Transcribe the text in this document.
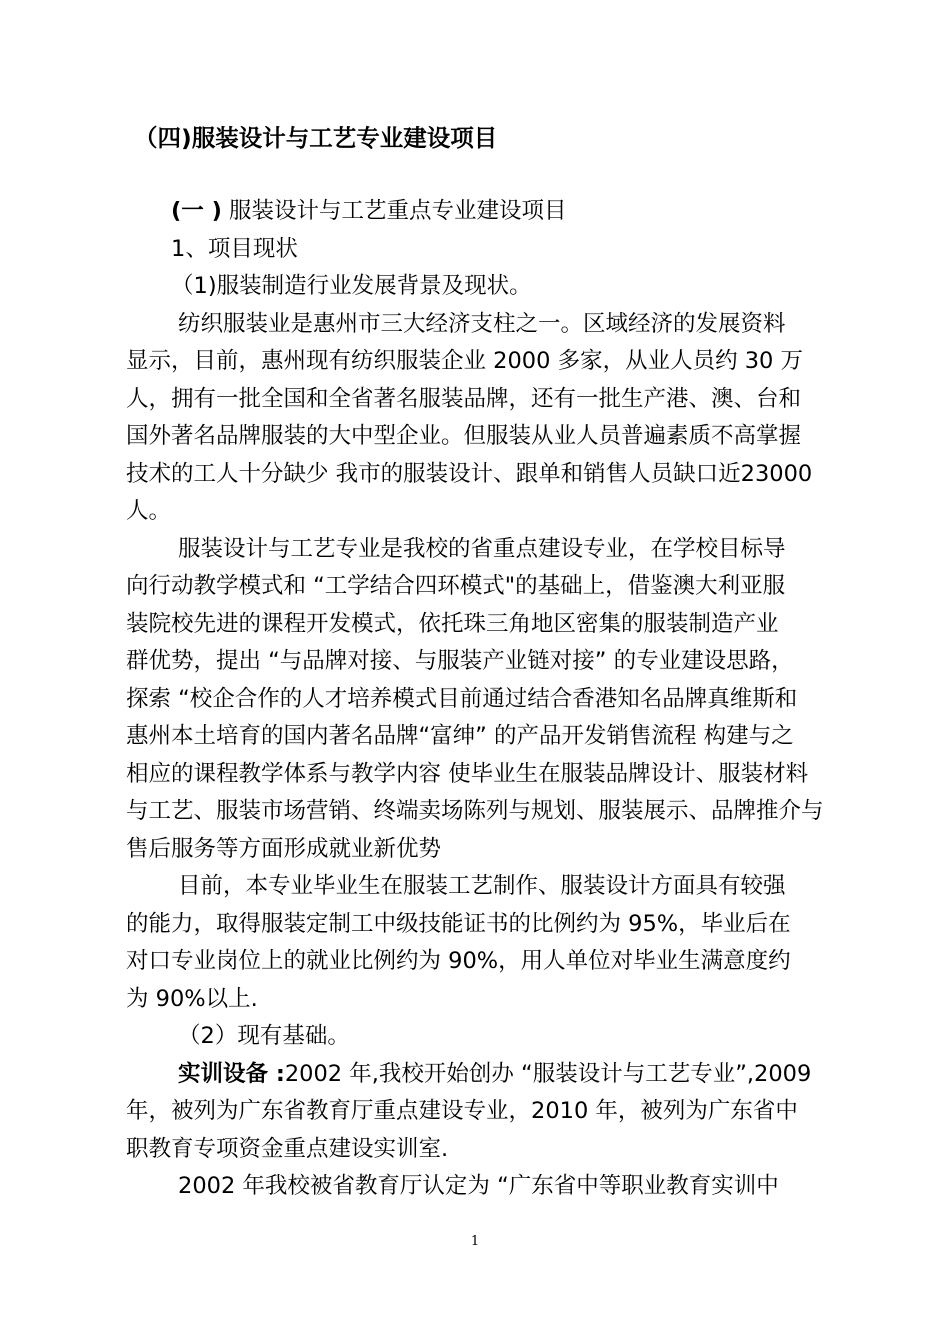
（四)服装设计与工艺专业建设项目
(一 ) 服装设计与工艺重点专业建设项目
1、项目现状
（1)服装制造行业发展背景及现状。
纺织服装业是惠州市三大经济支柱之一。区域经济的发展资料
显示，目前，惠州现有纺织服装企业 2000 多家，从业人员约 30 万
人，拥有一批全国和全省著名服装品牌，还有一批生产港、澳、台和
国外著名品牌服装的大中型企业。但服装从业人员普遍素质不高掌握
技术的工人十分缺少 我市的服装设计、跟单和销售人员缺口近23000
人。
服装设计与工艺专业是我校的省重点建设专业，在学校目标导
向行动教学模式和 “工学结合四环模式"的基础上，借鉴澳大利亚服
装院校先进的课程开发模式，依托珠三角地区密集的服装制造产业
群优势，提出 “与品牌对接、与服装产业链对接” 的专业建设思路，
探索 “校企合作的人才培养模式目前通过结合香港知名品牌真维斯和
惠州本土培育的国内著名品牌“富绅” 的产品开发销售流程 构建与之
相应的课程教学体系与教学内容 使毕业生在服装品牌设计、服装材料
与工艺、服装市场营销、终端卖场陈列与规划、服装展示、品牌推介与
售后服务等方面形成就业新优势
目前，本专业毕业生在服装工艺制作、服装设计方面具有较强
的能力，取得服装定制工中级技能证书的比例约为 95%，毕业后在
对口专业岗位上的就业比例约为 90%，用人单位对毕业生满意度约
为 90%以上.
（2）现有基础。
实训设备 :2002 年,我校开始创办 “服装设计与工艺专业”,2009
年，被列为广东省教育厅重点建设专业，2010 年，被列为广东省中
职教育专项资金重点建设实训室.
2002 年我校被省教育厅认定为 “广东省中等职业教育实训中
1
